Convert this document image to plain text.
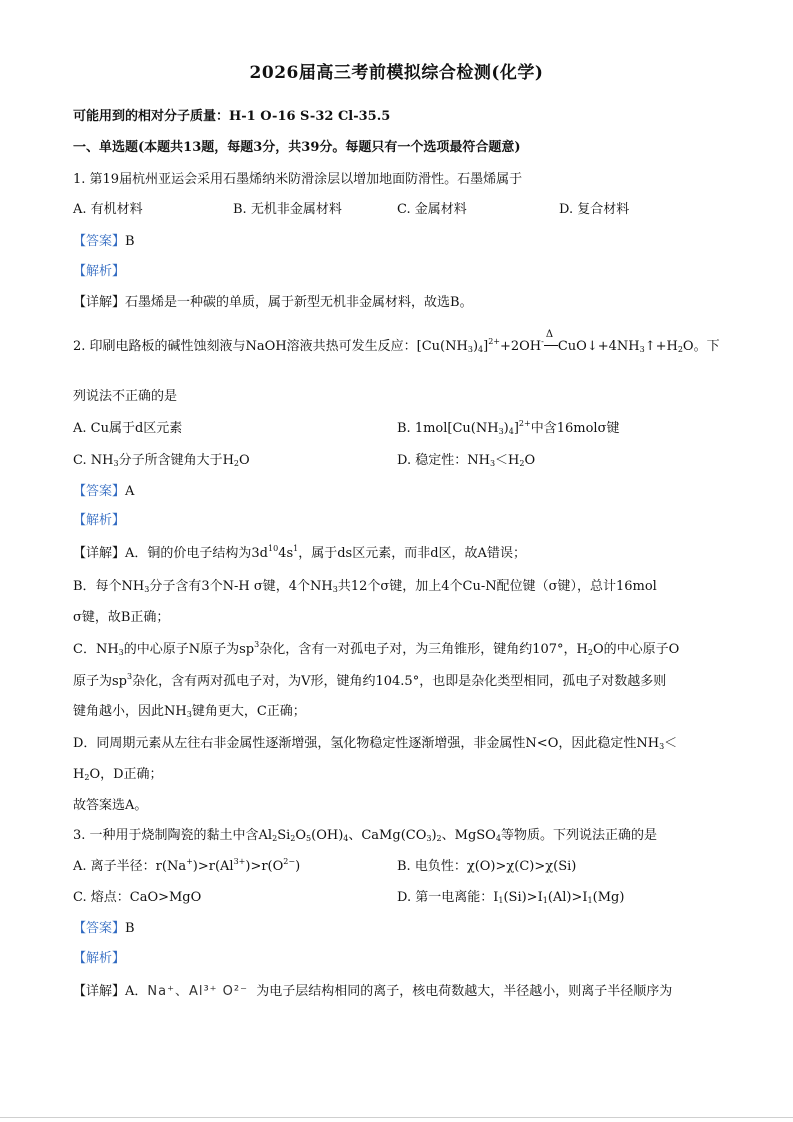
2026届高三考前模拟综合检测(化学)
可能用到的相对分子质量：H-1 O-16 S-32 Cl-35.5
一、单选题(本题共13题，每题3分，共39分。每题只有一个选项最符合题意)
1. 第19届杭州亚运会采用石墨烯纳米防滑涂层以增加地面防滑性。石墨烯属于
A. 有机材料	B. 无机非金属材料	C. 金属材料	D. 复合材料
【答案】B
【解析】
【详解】石墨烯是一种碳的单质，属于新型无机非金属材料，故选B。
2. 印刷电路板的碱性蚀刻液与NaOH溶液共热可发生反应：$[Cu(NH_3)_4]^{2+}+2OH^-$
Δ
$CuO↓+4NH_3↑+H_2O$。下
列说法不正确的是
A. Cu属于d区元素	B. $1mol[Cu(NH_3)_4]^{2+}$中含16molσ键
C. $NH_3$分子所含键角大于$H_2O$	D. 稳定性：$NH_3<H_2O$
【答案】A
【解析】
【详解】A．铜的价电子结构为$3d^{10}4s^1$，属于ds区元素，而非d区，故A错误；
B．每个$NH_3$分子含有3个N-H σ键，4个$NH_3$共12个σ键，加上4个Cu-N配位键（σ键），总计16mol
σ键，故B正确；
C．$NH_3$的中心原子N原子为$sp^3$杂化，含有一对孤电子对，为三角锥形，键角约107°，$H_2O$的中心原子O
原子为$sp^3$杂化，含有两对孤电子对，为V形，键角约104.5°，也即是杂化类型相同，孤电子对数越多则
键角越小，因此$NH_3$键角更大，C正确；
D．同周期元素从左往右非金属性逐渐增强，氢化物稳定性逐渐增强，非金属性N<O，因此稳定性$NH_3<$
$H_2O$，D正确；
故答案选A。
3. 一种用于烧制陶瓷的黏土中含$Al_2Si_2O_5(OH)_4$、$CaMg(CO_3)_2$、MgSO$_4$等物质。下列说法正确的是
A. 离子半径：$r(Na^+)>r(Al^{3+})>r(O^{2-})$	B. 电负性：χ(O)>χ(C)>χ(Si)
C. 熔点：CaO>MgO	D. 第一电离能：$I_1(Si)>I_1(Al)>I_1(Mg)$
【答案】B
【解析】
【详解】A．Na⁺、Al³⁺ O²⁻ 为电子层结构相同的离子，核电荷数越大，半径越小，则离子半径顺序为
